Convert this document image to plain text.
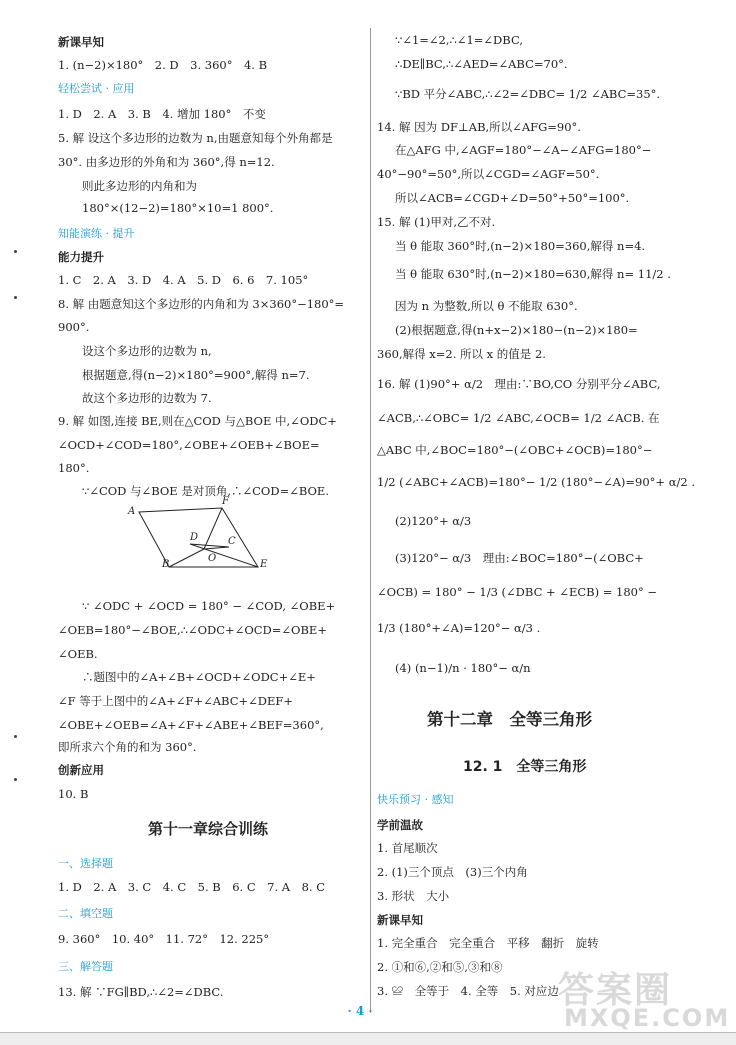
新课早知
1. (n−2)×180°　2. D　3. 360°　4. B
轻松尝试 · 应用
1. D　2. A　3. B　4. 增加 180°　不变
5. 解 设这个多边形的边数为 n,由题意知每个外角都是
30°. 由多边形的外角和为 360°,得 n=12.
则此多边形的内角和为
180°×(12−2)=180°×10=1 800°.
知能演练 · 提升
能力提升
1. C　2. A　3. D　4. A　5. D　6. 6　7. 105°
8. 解 由题意知这个多边形的内角和为 3×360°−180°=
900°.
设这个多边形的边数为 n,
根据题意,得(n−2)×180°=900°,解得 n=7.
故这个多边形的边数为 7.
9. 解 如图,连接 BE,则在△COD 与△BOE 中,∠ODC+
∠OCD+∠COD=180°,∠OBE+∠OEB+∠BOE=
180°.
∵∠COD 与∠BOE 是对顶角,∴∠COD=∠BOE.
∵ ∠ODC + ∠OCD = 180° − ∠COD, ∠OBE+
∠OEB=180°−∠BOE,∴∠ODC+∠OCD=∠OBE+
∠OEB.
∴题图中的∠A+∠B+∠OCD+∠ODC+∠E+
∠F 等于上图中的∠A+∠F+∠ABC+∠DEF+
∠OBE+∠OEB=∠A+∠F+∠ABE+∠BEF=360°,
即所求六个角的和为 360°.
创新应用
10. B
第十一章综合训练
一、选择题
1. D　2. A　3. C　4. C　5. B　6. C　7. A　8. C
二、填空题
9. 360°　10. 40°　11. 72°　12. 225°
三、解答题
13. 解 ∵FG∥BD,∴∠2=∠DBC.
F
A
D	C
O
B	E
∵∠1=∠2,∴∠1=∠DBC,
∴DE∥BC,∴∠AED=∠ABC=70°.
∵BD 平分∠ABC,∴∠2=∠DBC= 1/2 ∠ABC=35°.
14. 解 因为 DF⊥AB,所以∠AFG=90°.
在△AFG 中,∠AGF=180°−∠A−∠AFG=180°−
40°−90°=50°,所以∠CGD=∠AGF=50°.
所以∠ACB=∠CGD+∠D=50°+50°=100°.
15. 解 (1)甲对,乙不对.
当 θ 能取 360°时,(n−2)×180=360,解得 n=4.
当 θ 能取 630°时,(n−2)×180=630,解得 n= 11/2 .
因为 n 为整数,所以 θ 不能取 630°.
(2)根据题意,得(n+x−2)×180−(n−2)×180=
360,解得 x=2. 所以 x 的值是 2.
16. 解 (1)90°+ α/2　理由:∵BO,CO 分别平分∠ABC,
∠ACB,∴∠OBC= 1/2 ∠ABC,∠OCB= 1/2 ∠ACB. 在
△ABC 中,∠BOC=180°−(∠OBC+∠OCB)=180°−
1/2 (∠ABC+∠ACB)=180°− 1/2 (180°−∠A)=90°+ α/2 .
(2)120°+ α/3
(3)120°− α/3　理由:∠BOC=180°−(∠OBC+
∠OCB) = 180° − 1/3 (∠DBC + ∠ECB) = 180° −
1/3 (180°+∠A)=120°− α/3 .
(4) (n−1)/n · 180°− α/n
第十二章　全等三角形
12. 1　全等三角形
快乐预习 · 感知
学前温故
1. 首尾顺次
2. (1)三个顶点　(3)三个内角
3. 形状　大小
新课早知
1. 完全重合　完全重合　平移　翻折　旋转
2. ①和⑥,②和⑤,③和⑧
3. ≌　全等于　4. 全等　5. 对应边
· 4 ·	答案圈
MXQE.COM
